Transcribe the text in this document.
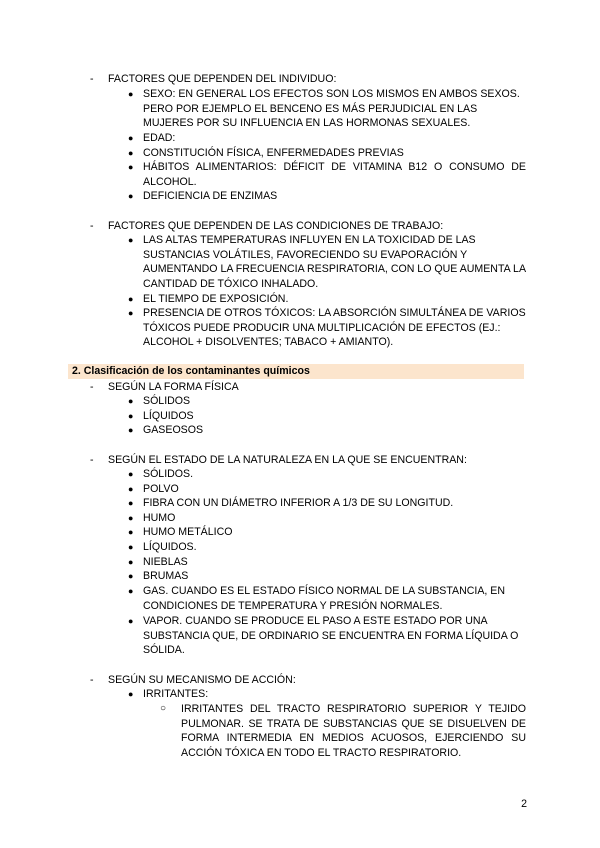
- FACTORES QUE DEPENDEN DEL INDIVIDUO:
● SEXO: EN GENERAL LOS EFECTOS SON LOS MISMOS EN AMBOS SEXOS. PERO POR EJEMPLO EL BENCENO ES MÁS PERJUDICIAL EN LAS MUJERES POR SU INFLUENCIA EN LAS HORMONAS SEXUALES.
● EDAD:
● CONSTITUCIÓN FÍSICA, ENFERMEDADES PREVIAS
● HÁBITOS ALIMENTARIOS: DÉFICIT DE VITAMINA B12 O CONSUMO DE ALCOHOL.
● DEFICIENCIA DE ENZIMAS
- FACTORES QUE DEPENDEN DE LAS CONDICIONES DE TRABAJO:
● LAS ALTAS TEMPERATURAS INFLUYEN EN LA TOXICIDAD DE LAS SUSTANCIAS VOLÁTILES, FAVORECIENDO SU EVAPORACIÓN Y AUMENTANDO LA FRECUENCIA RESPIRATORIA, CON LO QUE AUMENTA LA CANTIDAD DE TÓXICO INHALADO.
● EL TIEMPO DE EXPOSICIÓN.
● PRESENCIA DE OTROS TÓXICOS: LA ABSORCIÓN SIMULTÁNEA DE VARIOS TÓXICOS PUEDE PRODUCIR UNA MULTIPLICACIÓN DE EFECTOS (EJ.: ALCOHOL + DISOLVENTES; TABACO + AMIANTO).
2. Clasificación de los contaminantes químicos
- SEGÚN LA FORMA FÍSICA
● SÓLIDOS
● LÍQUIDOS
● GASEOSOS
- SEGÚN EL ESTADO DE LA NATURALEZA EN LA QUE SE ENCUENTRAN:
● SÓLIDOS.
● POLVO
● FIBRA CON UN DIÁMETRO INFERIOR A 1/3 DE SU LONGITUD.
● HUMO
● HUMO METÁLICO
● LÍQUIDOS.
● NIEBLAS
● BRUMAS
● GAS. CUANDO ES EL ESTADO FÍSICO NORMAL DE LA SUBSTANCIA, EN CONDICIONES DE TEMPERATURA Y PRESIÓN NORMALES.
● VAPOR. CUANDO SE PRODUCE EL PASO A ESTE ESTADO POR UNA SUBSTANCIA QUE, DE ORDINARIO SE ENCUENTRA EN FORMA LÍQUIDA O SÓLIDA.
- SEGÚN SU MECANISMO DE ACCIÓN:
● IRRITANTES:
○ IRRITANTES DEL TRACTO RESPIRATORIO SUPERIOR Y TEJIDO PULMONAR. SE TRATA DE SUBSTANCIAS QUE SE DISUELVEN DE FORMA INTERMEDIA EN MEDIOS ACUOSOS, EJERCIENDO SU ACCIÓN TÓXICA EN TODO EL TRACTO RESPIRATORIO.
2
